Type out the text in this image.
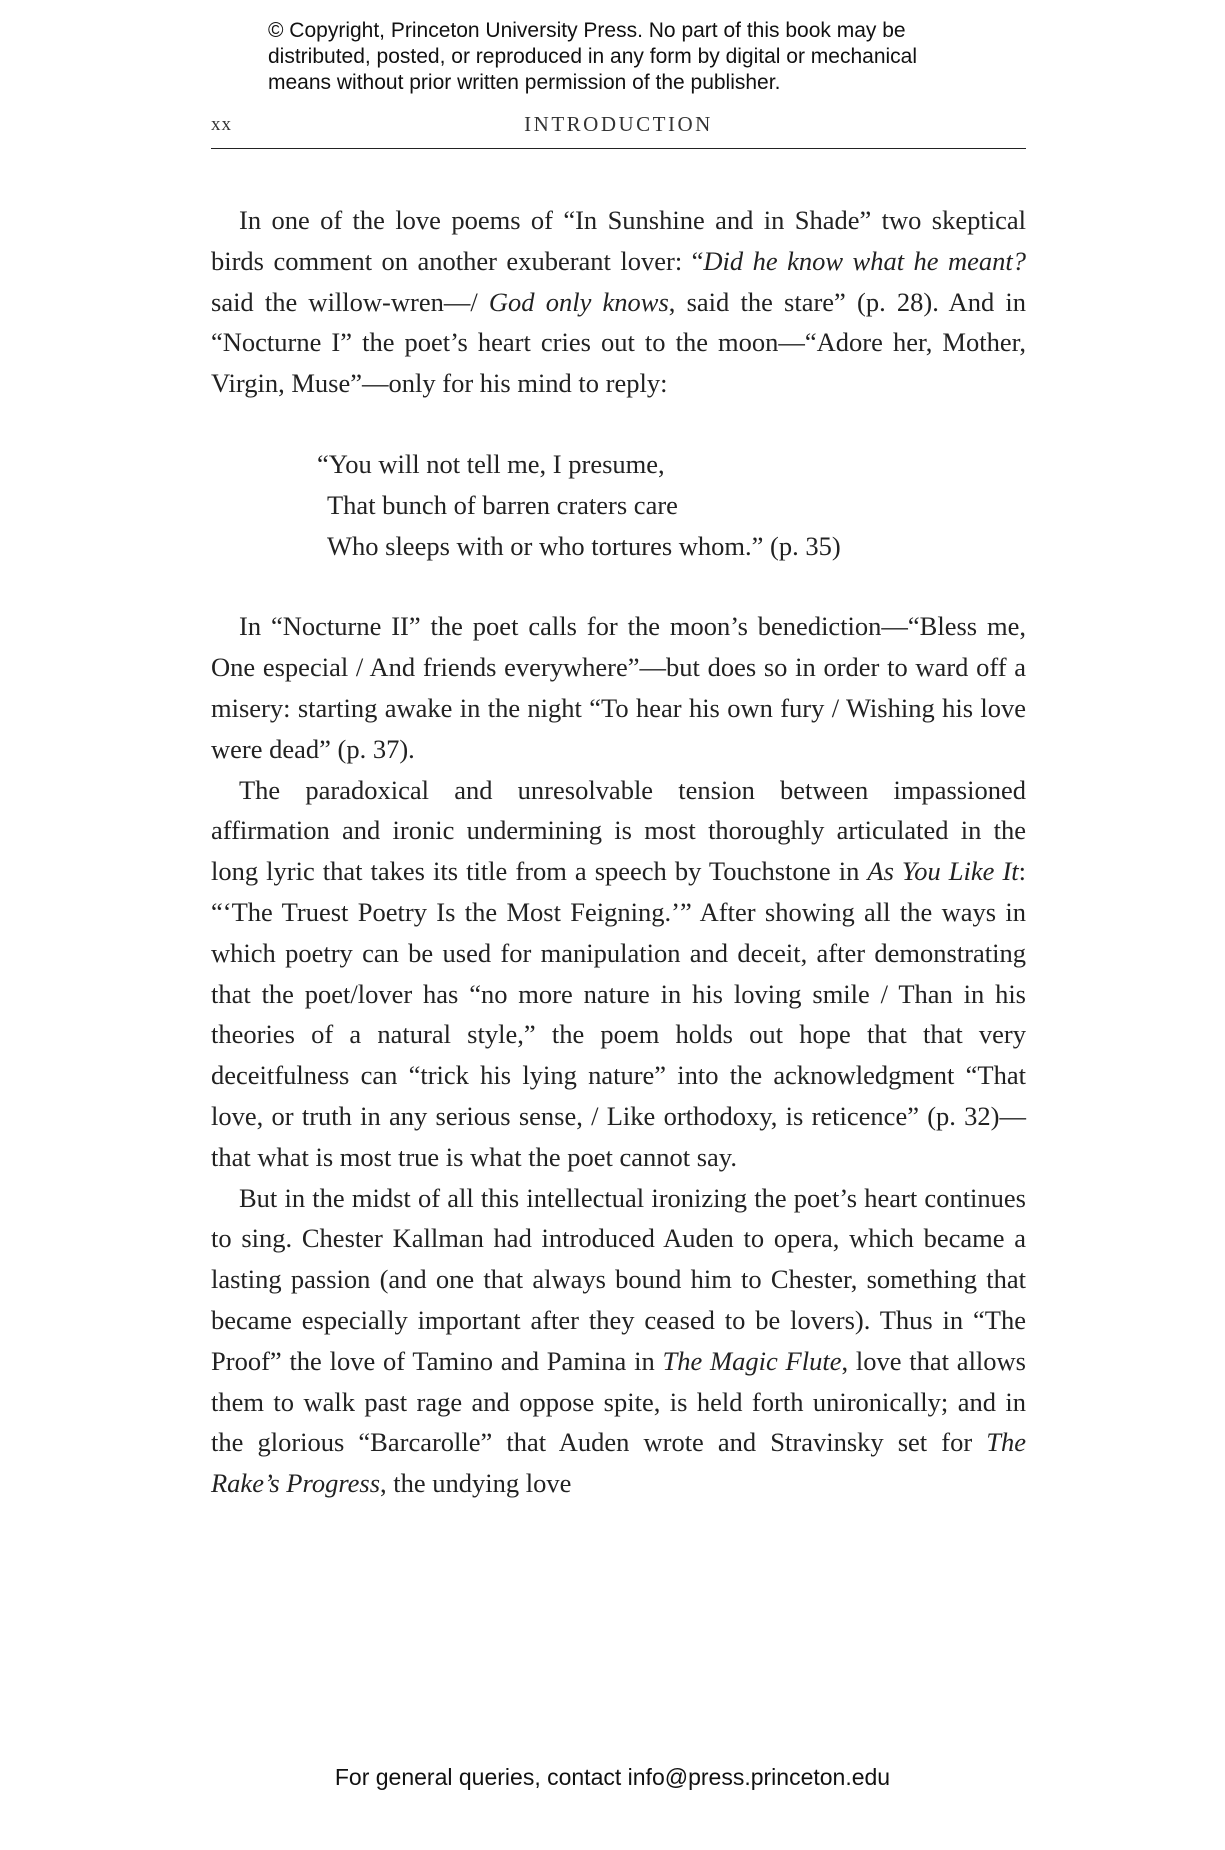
© Copyright, Princeton University Press. No part of this book may be
distributed, posted, or reproduced in any form by digital or mechanical
means without prior written permission of the publisher.
xx	INTRODUCTION

In one of the love poems of “In Sunshine and in Shade” two skeptical birds comment on another exuberant lover: “Did he know what he meant? said the willow-wren—/ God only knows, said the stare” (p. 28). And in “Nocturne I” the poet’s heart cries out to the moon—“Adore her, Mother, Virgin, Muse”—only for his mind to reply:

“You will not tell me, I presume,
That bunch of barren craters care
Who sleeps with or who tortures whom.” (p. 35)

In “Nocturne II” the poet calls for the moon’s benediction—“Bless me, One especial / And friends everywhere”—but does so in order to ward off a misery: starting awake in the night “To hear his own fury / Wishing his love were dead” (p. 37).

The paradoxical and unresolvable tension between impassioned affirmation and ironic undermining is most thoroughly articulated in the long lyric that takes its title from a speech by Touchstone in As You Like It: “‘The Truest Poetry Is the Most Feigning.’” After showing all the ways in which poetry can be used for manipulation and deceit, after demonstrating that the poet/lover has “no more nature in his loving smile / Than in his theories of a natural style,” the poem holds out hope that that very deceitfulness can “trick his lying nature” into the acknowledgment “That love, or truth in any serious sense, / Like orthodoxy, is reticence” (p. 32)—that what is most true is what the poet cannot say.

But in the midst of all this intellectual ironizing the poet’s heart continues to sing. Chester Kallman had introduced Auden to opera, which became a lasting passion (and one that always bound him to Chester, something that became especially important after they ceased to be lovers). Thus in “The Proof” the love of Tamino and Pamina in The Magic Flute, love that allows them to walk past rage and oppose spite, is held forth unironically; and in the glorious “Barcarolle” that Auden wrote and Stravinsky set for The Rake’s Progress, the undying love

For general queries, contact info@press.princeton.edu
